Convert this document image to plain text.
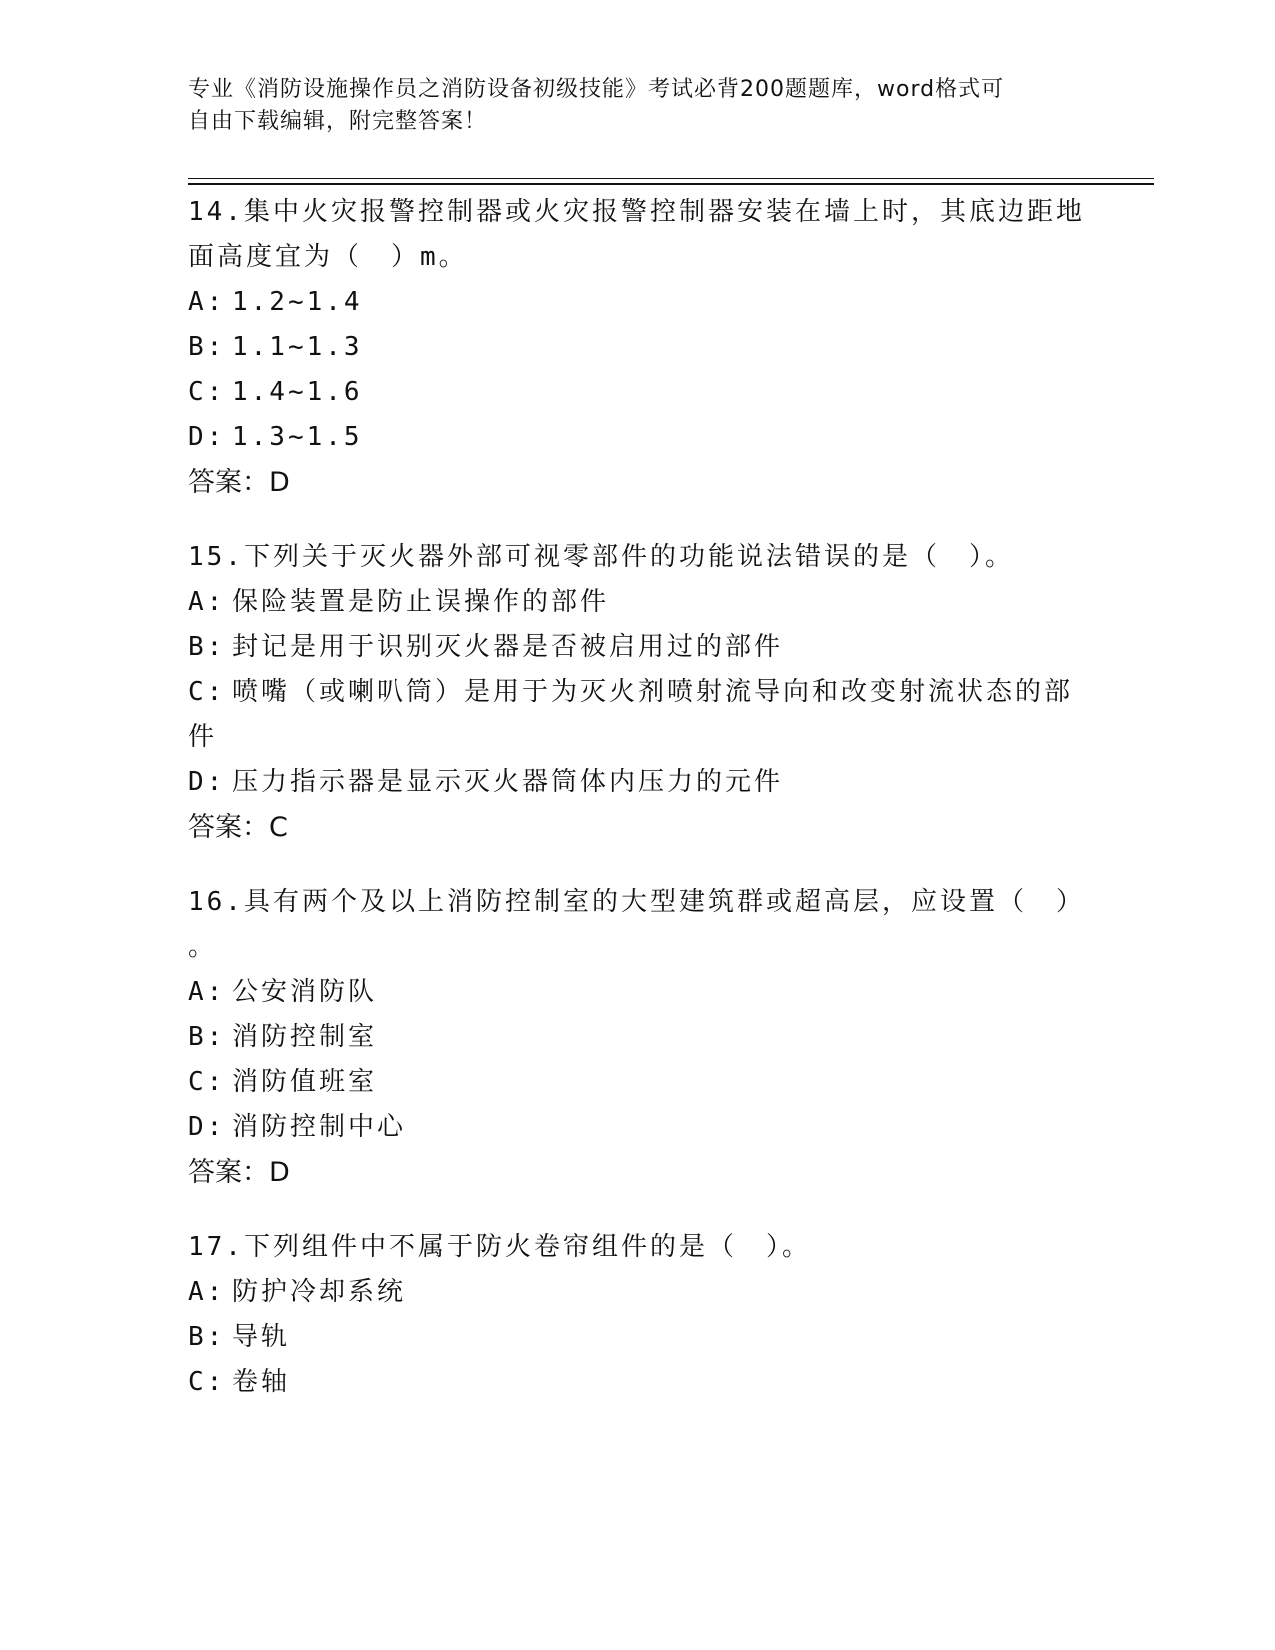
专业《消防设施操作员之消防设备初级技能》考试必背200题题库，word格式可
自由下载编辑，附完整答案！
14.集中火灾报警控制器或火灾报警控制器安装在墙上时，其底边距地
面高度宜为（　）m。
A: 1.2~1.4
B: 1.1~1.3
C: 1.4~1.6
D: 1.3~1.5
答案：D
15.下列关于灭火器外部可视零部件的功能说法错误的是（　）。
A: 保险装置是防止误操作的部件
B: 封记是用于识别灭火器是否被启用过的部件
C: 喷嘴（或喇叭筒）是用于为灭火剂喷射流导向和改变射流状态的部
件
D: 压力指示器是显示灭火器筒体内压力的元件
答案：C
16.具有两个及以上消防控制室的大型建筑群或超高层，应设置（　）
。
A: 公安消防队
B: 消防控制室
C: 消防值班室
D: 消防控制中心
答案：D
17.下列组件中不属于防火卷帘组件的是（　）。
A: 防护冷却系统
B: 导轨
C: 卷轴
